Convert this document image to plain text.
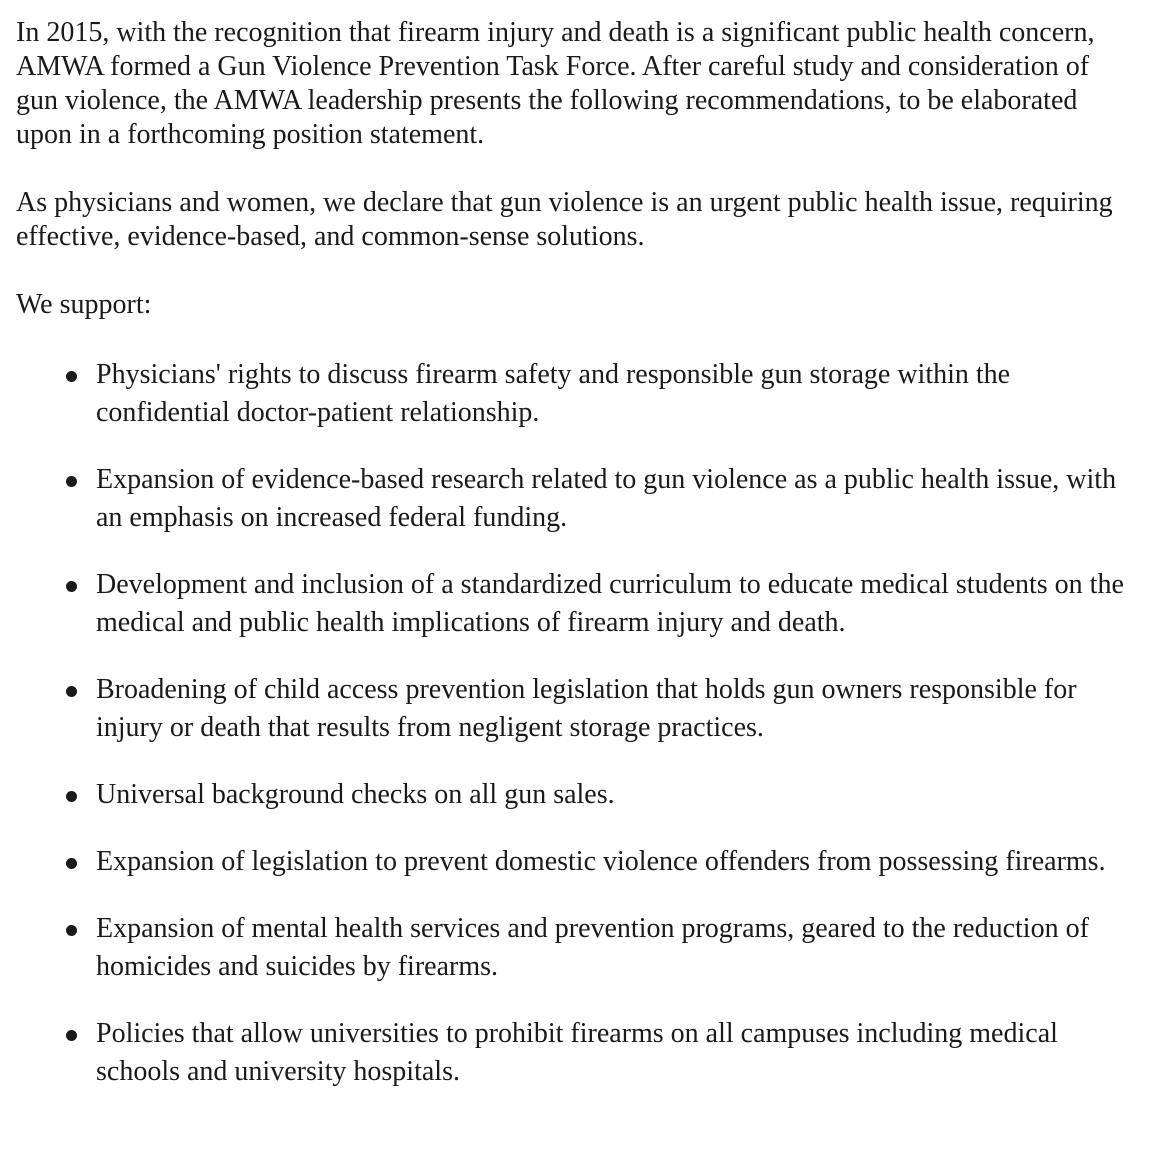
In 2015, with the recognition that firearm injury and death is a significant public health concern, AMWA formed a Gun Violence Prevention Task Force. After careful study and consideration of gun violence, the AMWA leadership presents the following recommendations, to be elaborated upon in a forthcoming position statement.

As physicians and women, we declare that gun violence is an urgent public health issue, requiring effective, evidence-based, and common-sense solutions.

We support:

Physicians' rights to discuss firearm safety and responsible gun storage within the confidential doctor-patient relationship.
Expansion of evidence-based research related to gun violence as a public health issue, with an emphasis on increased federal funding.
Development and inclusion of a standardized curriculum to educate medical students on the medical and public health implications of firearm injury and death.
Broadening of child access prevention legislation that holds gun owners responsible for injury or death that results from negligent storage practices.
Universal background checks on all gun sales.
Expansion of legislation to prevent domestic violence offenders from possessing firearms.
Expansion of mental health services and prevention programs, geared to the reduction of homicides and suicides by firearms.
Policies that allow universities to prohibit firearms on all campuses including medical schools and university hospitals.
